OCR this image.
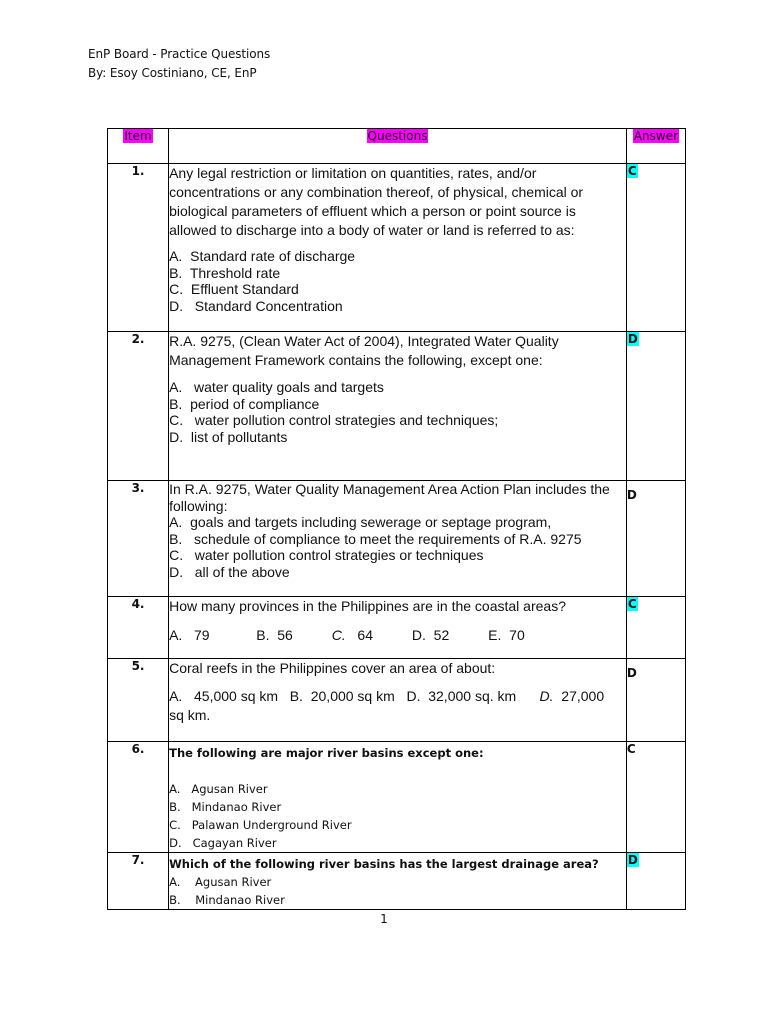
EnP Board - Practice Questions
By: Esoy Costiniano, CE, EnP
Item	Questions	Answer
1.	Any legal restriction or limitation on quantities, rates, and/or concentrations or any combination thereof, of physical, chemical or biological parameters of effluent which a person or point source is allowed to discharge into a body of water or land is referred to as:
A.  Standard rate of discharge
B.  Threshold rate
C.  Effluent Standard
D.   Standard Concentration	C
2.	R.A. 9275, (Clean Water Act of 2004), Integrated Water Quality Management Framework contains the following, except one:
A.   water quality goals and targets
B.  period of compliance
C.   water pollution control strategies and techniques;
D.  list of pollutants	D
3.	In R.A. 9275, Water Quality Management Area Action Plan includes the following:
A.  goals and targets including sewerage or septage program,
B.   schedule of compliance to meet the requirements of R.A. 9275
C.   water pollution control strategies or techniques
D.   all of the above	D
4.	How many provinces in the Philippines are in the coastal areas?
A.   79 B.  56 C. 64 D.  52 E.  70	C
5.	Coral reefs in the Philippines cover an area of about:
A.   45,000 sq km B.  20,000 sq km D.  32,000 sq. km D.  27,000
sq km.	D
6.	The following are major river basins except one:

A.   Agusan River
B.   Mindanao River
C.   Palawan Underground River
D.   Cagayan River	C
7.	Which of the following river basins has the largest drainage area?
A.    Agusan River
B.    Mindanao River	D
1
